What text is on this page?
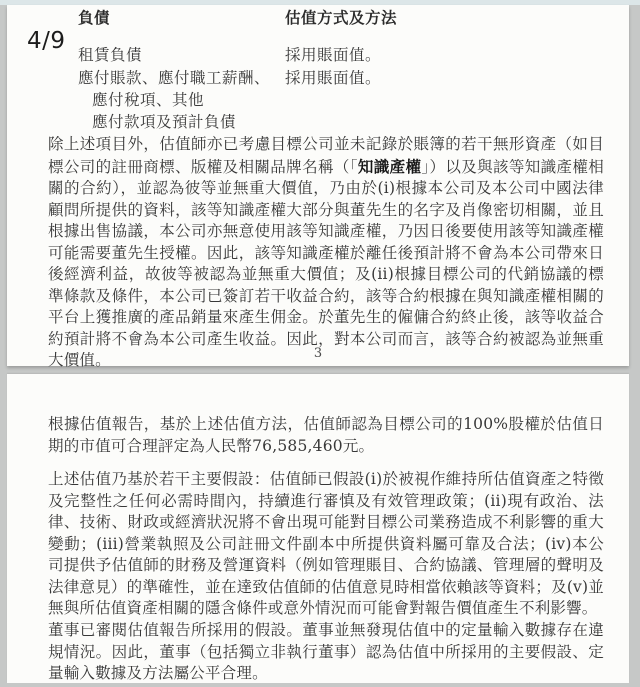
4/9
負債	估值方式及方法
租賃負債	採用賬面值。
應付賬款、應付職工薪酬、 採用賬面值。
應付稅項、其他
應付款項及預計負債

除上述項目外，估值師亦已考慮目標公司並未記錄於賬簿的若干無形資產（如目標公司的註冊商標、版權及相關品牌名稱（「知識產權」）以及與該等知識產權相關的合約），並認為彼等並無重大價值，乃由於(i)根據本公司及本公司中國法律顧問所提供的資料，該等知識產權大部分與董先生的名字及肖像密切相關，並且根據出售協議，本公司亦無意使用該等知識產權，乃因日後要使用該等知識產權可能需要董先生授權。因此，該等知識產權於離任後預計將不會為本公司帶來日後經濟利益，故彼等被認為並無重大價值；及(ii)根據目標公司的代銷協議的標準條款及條件，本公司已簽訂若干收益合約，該等合約根據在與知識產權相關的平台上獲推廣的產品銷量來產生佣金。於董先生的僱傭合約終止後，該等收益合約預計將不會為本公司產生收益。因此，對本公司而言，該等合約被認為並無重大價值。	3

根據估值報告，基於上述估值方法，估值師認為目標公司的100%股權於估值日期的市值可合理評定為人民幣76,585,460元。

上述估值乃基於若干主要假設：估值師已假設(i)於被視作維持所估值資產之特徵及完整性之任何必需時間內，持續進行審慎及有效管理政策；(ii)現有政治、法律、技術、財政或經濟狀況將不會出現可能對目標公司業務造成不利影響的重大變動；(iii)營業執照及公司註冊文件副本中所提供資料屬可靠及合法；(iv)本公司提供予估值師的財務及營運資料（例如管理賬目、合約協議、管理層的聲明及法律意見）的準確性，並在達致估值師的估值意見時相當依賴該等資料；及(v)並無與所估值資產相關的隱含條件或意外情況而可能會對報告價值產生不利影響。

董事已審閱估值報告所採用的假設。董事並無發現估值中的定量輸入數據存在違規情況。因此，董事（包括獨立非執行董事）認為估值中所採用的主要假設、定量輸入數據及方法屬公平合理。
